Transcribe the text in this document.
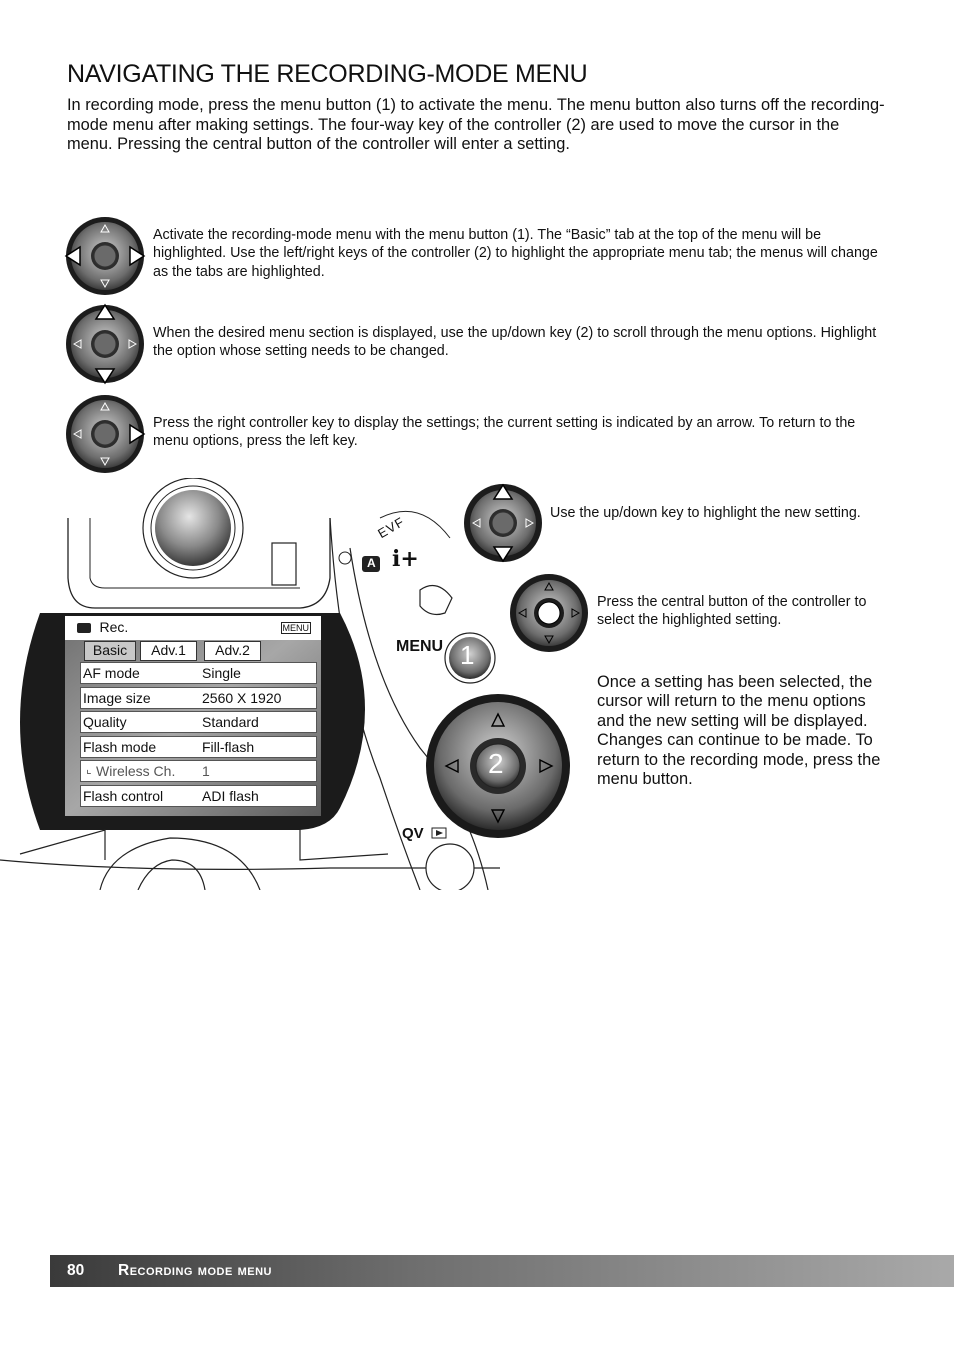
NAVIGATING THE RECORDING-MODE MENU
In recording mode, press the menu button (1) to activate the menu. The menu button also turns off the recording-mode menu after making settings. The four-way key of the controller (2) are used to move the cursor in the menu. Pressing the central button of the controller will enter a setting.
Activate the recording-mode menu with the menu button (1). The “Basic” tab at the top of the menu will be highlighted. Use the left/right keys of the controller (2) to highlight the appropriate menu tab; the menus will change as the tabs are highlighted.
When the desired menu section is displayed, use the up/down key (2) to scroll through the menu options. Highlight the option whose setting needs to be changed.
Press the right controller key to display the settings; the current setting is indicated by an arrow. To return to the menu options, press the left key.
A i+
EVF
MENU 1
2
QV
Rec.	MENU
Basic	Adv.1	Adv.2
AF mode	Single
Image size	2560 X 1920
Quality	Standard
Flash mode	Fill-flash
⌞ Wireless Ch. 1
Flash control	ADI flash
Use the up/down key to highlight the new setting.
Press the central button of the controller to select the highlighted setting.
Once a setting has been selected, the cursor will return to the menu options and the new setting will be displayed. Changes can continue to be made. To return to the recording mode, press the menu button.
80 Recording mode menu
